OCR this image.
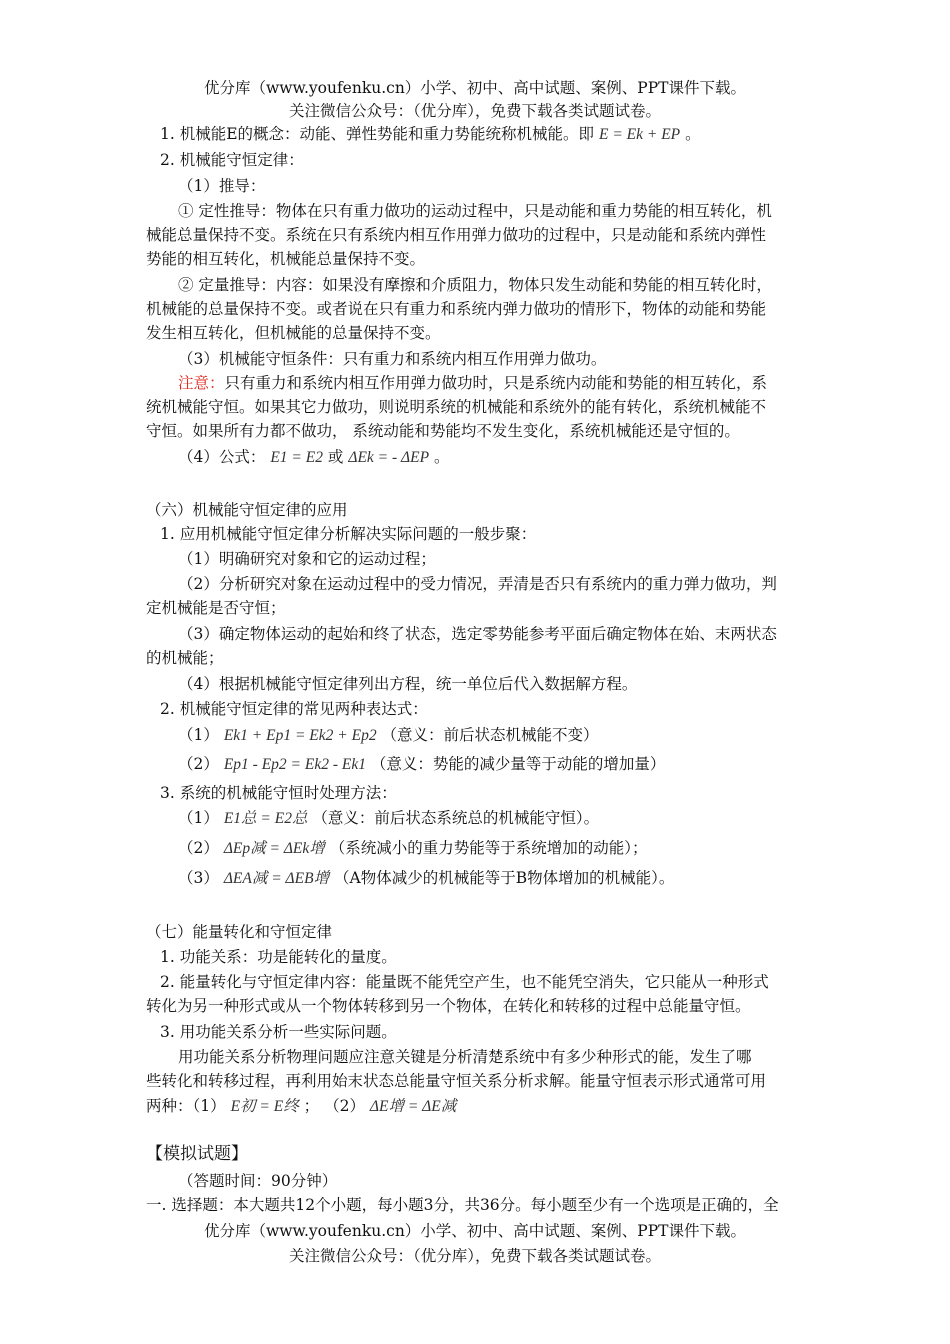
优分库（www.youfenku.cn）小学、初中、高中试题、案例、PPT课件下载。
关注微信公众号：（优分库），免费下载各类试题试卷。
1. 机械能E的概念：动能、弹性势能和重力势能统称机械能。即 E = Ek + EP 。
2. 机械能守恒定律：
（1）推导：
① 定性推导：物体在只有重力做功的运动过程中，只是动能和重力势能的相互转化，机
械能总量保持不变。系统在只有系统内相互作用弹力做功的过程中，只是动能和系统内弹性
势能的相互转化，机械能总量保持不变。
② 定量推导：内容：如果没有摩擦和介质阻力，物体只发生动能和势能的相互转化时，
机械能的总量保持不变。或者说在只有重力和系统内弹力做功的情形下，物体的动能和势能
发生相互转化，但机械能的总量保持不变。
（3）机械能守恒条件：只有重力和系统内相互作用弹力做功。
注意：只有重力和系统内相互作用弹力做功时，只是系统内动能和势能的相互转化，系
统机械能守恒。如果其它力做功，则说明系统的机械能和系统外的能有转化，系统机械能不
守恒。如果所有力都不做功， 系统动能和势能均不发生变化，系统机械能还是守恒的。
（4）公式： E1 = E2 或 ΔEk = - ΔEP 。
（六）机械能守恒定律的应用
1. 应用机械能守恒定律分析解决实际问题的一般步聚：
（1）明确研究对象和它的运动过程；
（2）分析研究对象在运动过程中的受力情况，弄清是否只有系统内的重力弹力做功，判
定机械能是否守恒；
（3）确定物体运动的起始和终了状态，选定零势能参考平面后确定物体在始、末两状态
的机械能；
（4）根据机械能守恒定律列出方程，统一单位后代入数据解方程。
2. 机械能守恒定律的常见两种表达式：
（1） Ek1 + Ep1 = Ek2 + Ep2 （意义：前后状态机械能不变）
（2） Ep1 - Ep2 = Ek2 - Ek1 （意义：势能的减少量等于动能的增加量）
3. 系统的机械能守恒时处理方法：
（1） E1总 = E2总 （意义：前后状态系统总的机械能守恒）。
（2） ΔEp减 = ΔEk增 （系统减小的重力势能等于系统增加的动能）；
（3） ΔEA减 = ΔEB增 （A物体减少的机械能等于B物体增加的机械能）。
（七）能量转化和守恒定律
1. 功能关系：功是能转化的量度。
2. 能量转化与守恒定律内容：能量既不能凭空产生，也不能凭空消失，它只能从一种形式
转化为另一种形式或从一个物体转移到另一个物体，在转化和转移的过程中总能量守恒。
3. 用功能关系分析一些实际问题。
用功能关系分析物理问题应注意关键是分析清楚系统中有多少种形式的能，发生了哪
些转化和转移过程，再利用始末状态总能量守恒关系分析求解。能量守恒表示形式通常可用
两种：（1） E初 = E终 ； （2） ΔE增 = ΔE减
【模拟试题】
（答题时间：90分钟）
一. 选择题：本大题共12个小题，每小题3分，共36分。每小题至少有一个选项是正确的，全
优分库（www.youfenku.cn）小学、初中、高中试题、案例、PPT课件下载。
关注微信公众号：（优分库），免费下载各类试题试卷。
